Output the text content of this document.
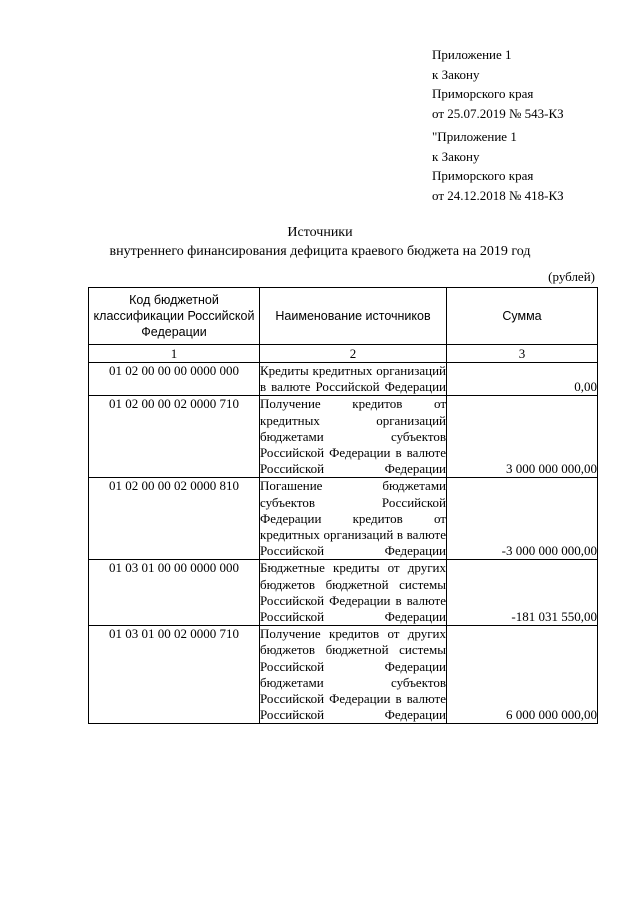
Приложение 1
к Закону
Приморского края
от 25.07.2019 № 543-КЗ
"Приложение 1
к Закону
Приморского края
от 24.12.2018 № 418-КЗ
Источники
внутреннего финансирования дефицита краевого бюджета на 2019 год
(рублей)
Код бюджетной классификации Российской Федерации	Наименование источников	Сумма
1	2	3
01 02 00 00 00 0000 000	Кредиты кредитных организаций в валюте Российской Федерации	0,00
01 02 00 00 02 0000 710	Получение кредитов от кредитных организаций бюджетами субъектов Российской Федерации в валюте Российской Федерации	3 000 000 000,00
01 02 00 00 02 0000 810	Погашение бюджетами субъектов Российской Федерации кредитов от кредитных организаций в валюте Российской Федерации	-3 000 000 000,00
01 03 01 00 00 0000 000	Бюджетные кредиты от других бюджетов бюджетной системы Российской Федерации в валюте Российской Федерации	-181 031 550,00
01 03 01 00 02 0000 710	Получение кредитов от других бюджетов бюджетной системы Российской Федерации бюджетами субъектов Российской Федерации в валюте Российской Федерации	6 000 000 000,00
